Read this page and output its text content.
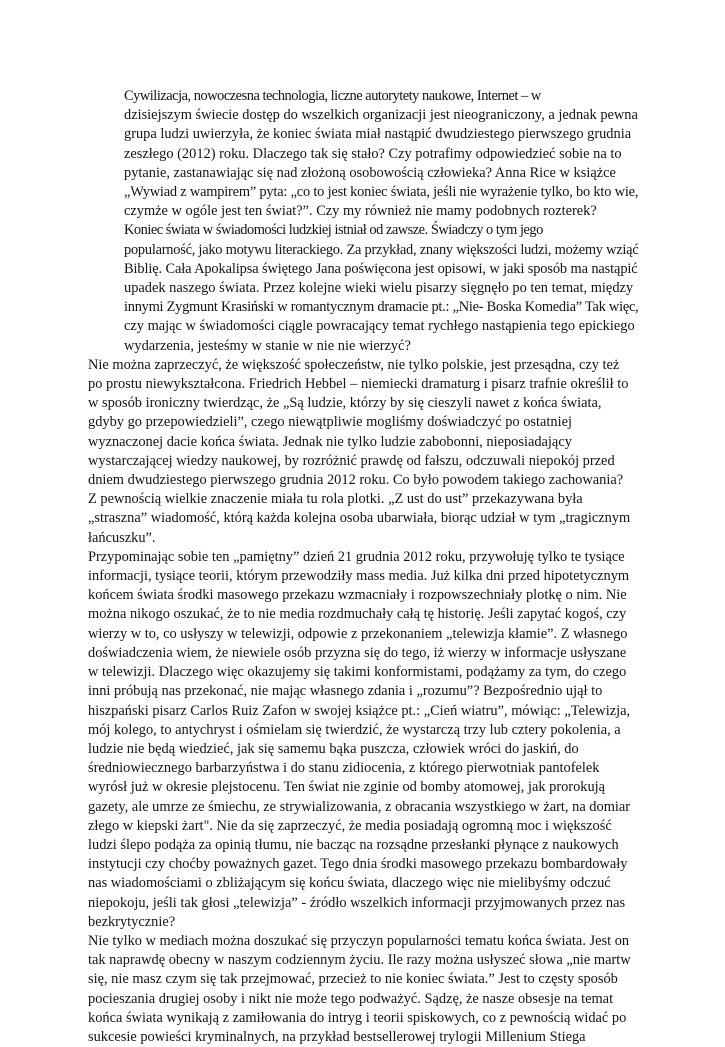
Cywilizacja, nowoczesna technologia, liczne autorytety naukowe, Internet – w
dzisiejszym świecie dostęp do wszelkich organizacji jest nieograniczony, a jednak pewna
grupa ludzi uwierzyła, że koniec świata miał nastąpić dwudziestego pierwszego grudnia
zeszłego (2012) roku. Dlaczego tak się stało? Czy potrafimy odpowiedzieć sobie na to
pytanie, zastanawiając się nad złożoną osobowością człowieka? Anna Rice w książce
„Wywiad z wampirem” pyta: „co to jest koniec świata, jeśli nie wyrażenie tylko, bo kto wie,
czymże w ogóle jest ten świat?”. Czy my również nie mamy podobnych rozterek?

Koniec świata w świadomości ludzkiej istniał od zawsze. Świadczy o tym jego
popularność, jako motywu literackiego. Za przykład, znany większości ludzi, możemy wziąć
Biblię. Cała Apokalipsa świętego Jana poświęcona jest opisowi, w jaki sposób ma nastąpić
upadek naszego świata. Przez kolejne wieki wielu pisarzy sięgnęło po ten temat, między
innymi Zygmunt Krasiński w romantycznym dramacie pt.: „Nie- Boska Komedia” Tak więc,
czy mając w świadomości ciągle powracający temat rychłego nastąpienia tego epickiego
wydarzenia, jesteśmy w stanie w nie nie wierzyć?

Nie można zaprzeczyć, że większość społeczeństw, nie tylko polskie, jest przesądna, czy też
po prostu niewykształcona. Friedrich Hebbel – niemiecki dramaturg i pisarz trafnie określił to
w sposób ironiczny twierdząc, że „Są ludzie, którzy by się cieszyli nawet z końca świata,
gdyby go przepowiedzieli”, czego niewątpliwie mogliśmy doświadczyć po ostatniej
wyznaczonej dacie końca świata. Jednak nie tylko ludzie zabobonni, nieposiadający
wystarczającej wiedzy naukowej, by rozróżnić prawdę od fałszu, odczuwali niepokój przed
dniem dwudziestego pierwszego grudnia 2012 roku. Co było powodem takiego zachowania?
Z pewnością wielkie znaczenie miała tu rola plotki. „Z ust do ust” przekazywana była
„straszna” wiadomość, którą każda kolejna osoba ubarwiała, biorąc udział w tym „tragicznym
łańcuszku”.

Przypominając sobie ten „pamiętny” dzień 21 grudnia 2012 roku, przywołuję tylko te tysiące
informacji, tysiące teorii, którym przewodziły mass media. Już kilka dni przed hipotetycznym
końcem świata środki masowego przekazu wzmacniały i rozpowszechniały plotkę o nim. Nie
można nikogo oszukać, że to nie media rozdmuchały całą tę historię. Jeśli zapytać kogoś, czy
wierzy w to, co usłyszy w telewizji, odpowie z przekonaniem „telewizja kłamie”. Z własnego
doświadczenia wiem, że niewiele osób przyzna się do tego, iż wierzy w informacje usłyszane
w telewizji. Dlaczego więc okazujemy się takimi konformistami, podążamy za tym, do czego
inni próbują nas przekonać, nie mając własnego zdania i „rozumu”? Bezpośrednio ujął to
hiszpański pisarz Carlos Ruiz Zafon w swojej książce pt.: „Cień wiatru”, mówiąc: „Telewizja,
mój kolego, to antychryst i ośmielam się twierdzić, że wystarczą trzy lub cztery pokolenia, a
ludzie nie będą wiedzieć, jak się samemu bąka puszcza, człowiek wróci do jaskiń, do
średniowiecznego barbarzyństwa i do stanu zidiocenia, z którego pierwotniak pantofelek
wyrósł już w okresie plejstocenu. Ten świat nie zginie od bomby atomowej, jak prorokują
gazety, ale umrze ze śmiechu, ze strywializowania, z obracania wszystkiego w żart, na domiar
złego w kiepski żart". Nie da się zaprzeczyć, że media posiadają ogromną moc i większość
ludzi ślepo podąża za opinią tłumu, nie bacząc na rozsądne przesłanki płynące z naukowych
instytucji czy choćby poważnych gazet. Tego dnia środki masowego przekazu bombardowały
nas wiadomościami o zbliżającym się końcu świata, dlaczego więc nie mielibyśmy odczuć
niepokoju, jeśli tak głosi „telewizja” - źródło wszelkich informacji przyjmowanych przez nas
bezkrytycznie?

Nie tylko w mediach można doszukać się przyczyn popularności tematu końca świata. Jest on
tak naprawdę obecny w naszym codziennym życiu. Ile razy można usłyszeć słowa „nie martw
się, nie masz czym się tak przejmować, przecież to nie koniec świata.” Jest to częsty sposób
pocieszania drugiej osoby i nikt nie może tego podważyć. Sądzę, że nasze obsesje na temat
końca świata wynikają z zamiłowania do intryg i teorii spiskowych, co z pewnością widać po
sukcesie powieści kryminalnych, na przykład bestsellerowej trylogii Millenium Stiega
